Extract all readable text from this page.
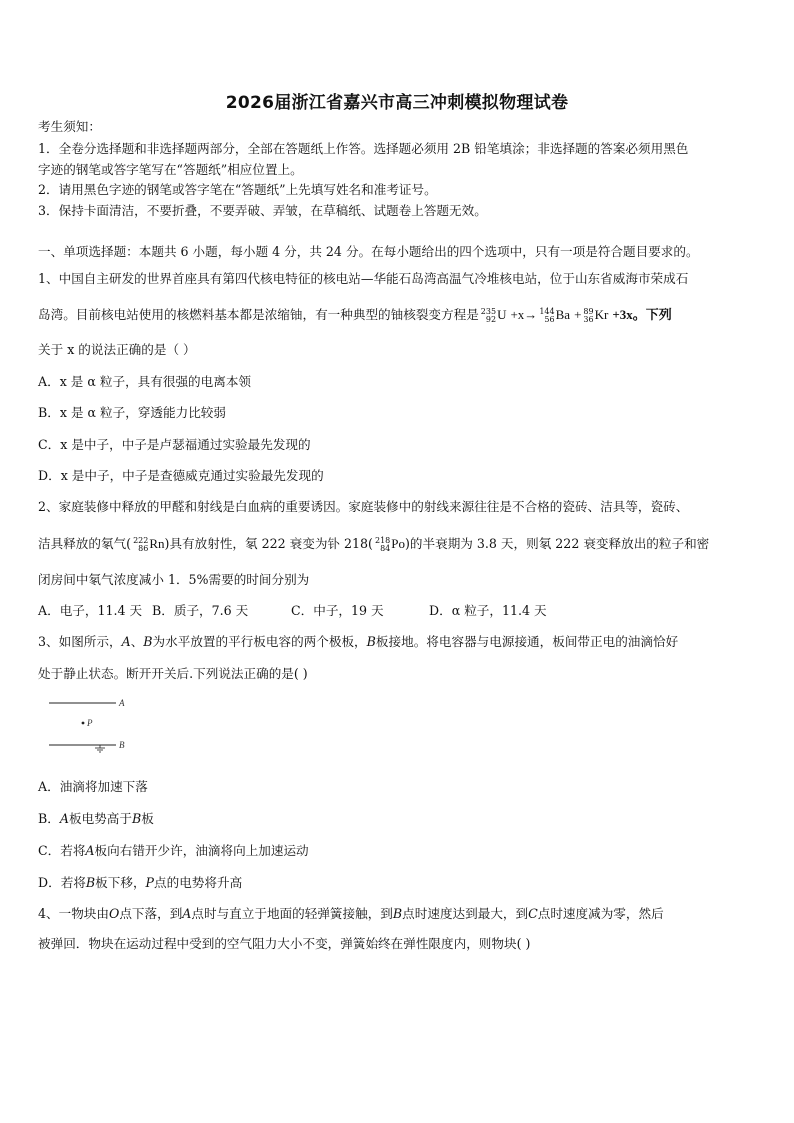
2026届浙江省嘉兴市高三冲刺模拟物理试卷
考生须知：
1．全卷分选择题和非选择题两部分，全部在答题纸上作答。选择题必须用 2B 铅笔填涂；非选择题的答案必须用黑色
字迹的钢笔或答字笔写在“答题纸”相应位置上。
2．请用黑色字迹的钢笔或答字笔在“答题纸”上先填写姓名和准考证号。
3．保持卡面清洁，不要折叠，不要弄破、弄皱，在草稿纸、试题卷上答题无效。
一、单项选择题：本题共 6 小题，每小题 4 分，共 24 分。在每小题给出的四个选项中，只有一项是符合题目要求的。
1、中国自主研发的世界首座具有第四代核电特征的核电站—华能石岛湾高温气冷堆核电站，位于山东省威海市荣成石
岛湾。目前核电站使用的核燃料基本都是浓缩铀，有一种典型的铀核裂变方程是 235
92 U +x→ 144
56 Ba + 89
36 Kr +3x。下列
关于 x 的说法正确的是（ ）
A．x 是 α 粒子，具有很强的电离本领
B．x 是 α 粒子，穿透能力比较弱
C．x 是中子，中子是卢瑟福通过实验最先发现的
D．x 是中子，中子是查德威克通过实验最先发现的
2、家庭装修中释放的甲醛和射线是白血病的重要诱因。家庭装修中的射线来源往往是不合格的瓷砖、洁具等，瓷砖、
洁具释放的氡气( 222
86 Rn)具有放射性，氡 222 衰变为钋 218( 218
84 Po)的半衰期为 3.8 天，则氡 222 衰变释放出的粒子和密
闭房间中氡气浓度减小 1．5%需要的时间分别为
A．电子，11.4 天 B．质子，7.6 天	C．中子，19 天	D．α 粒子，11.4 天
3、如图所示，A、B为水平放置的平行板电容的两个极板，B板接地。将电容器与电源接通，板间带正电的油滴恰好
处于静止状态。断开开关后.下列说法正确的是( )
A
P
B
A．油滴将加速下落
B．A板电势高于B板
C．若将A板向右错开少许，油滴将向上加速运动
D．若将B板下移，P点的电势将升高
4、一物块由O点下落，到A点时与直立于地面的轻弹簧接触，到B点时速度达到最大，到C点时速度减为零，然后
被弹回．物块在运动过程中受到的空气阻力大小不变，弹簧始终在弹性限度内，则物块( )
